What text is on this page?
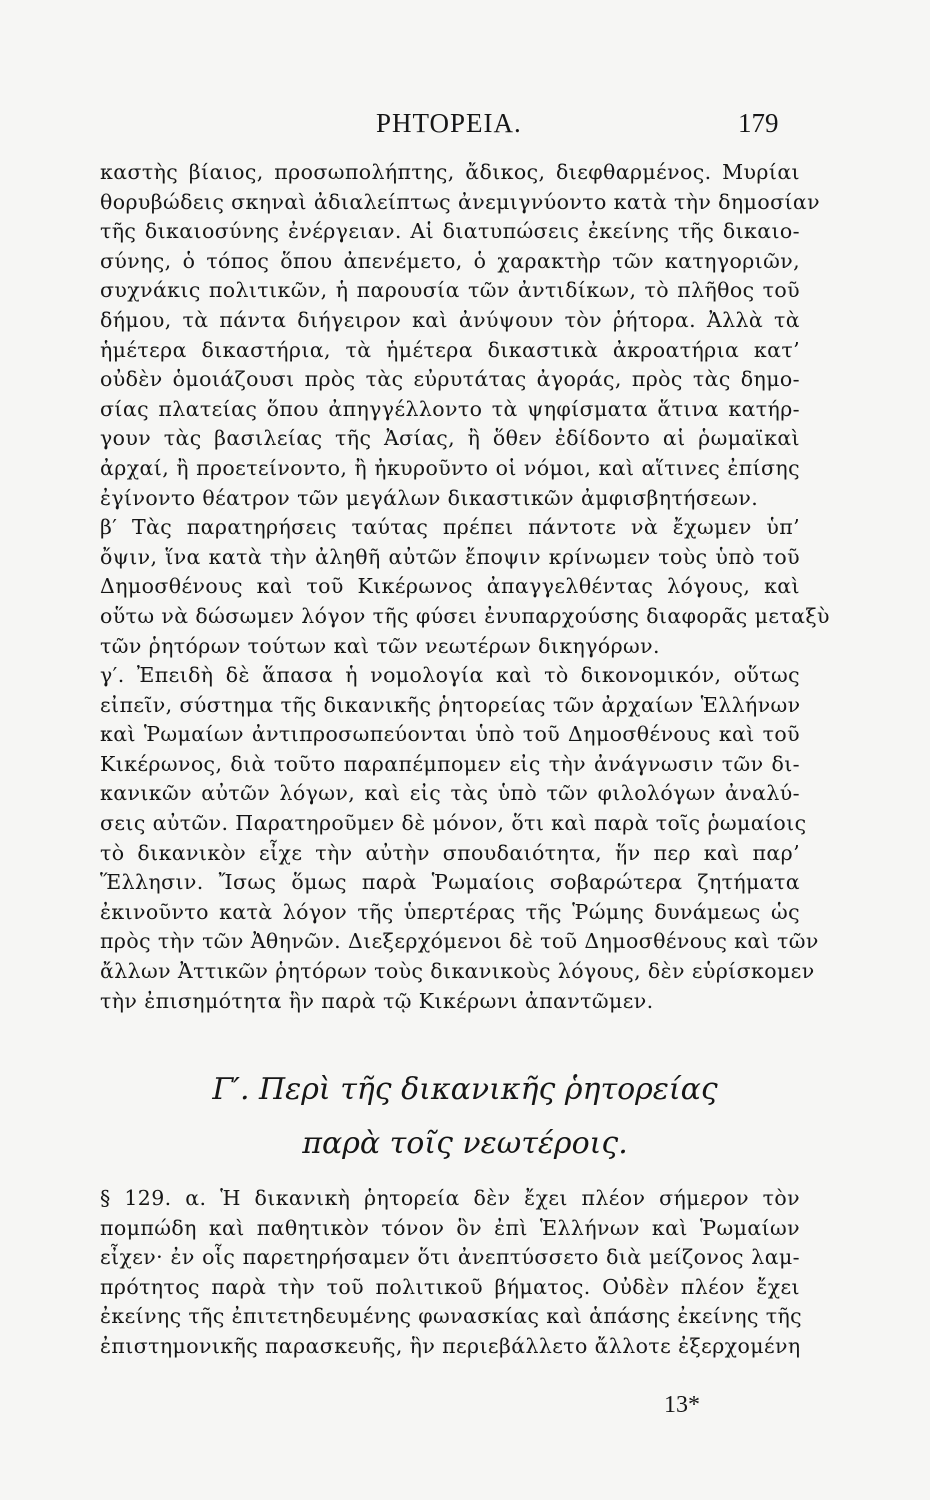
ΡΗΤΟΡΕΙΑ.	179
καστὴς βίαιος, προσωπολήπτης, ἄδικος, διεφθαρμένος. Μυρίαι
θορυβώδεις σκηναὶ ἀδιαλείπτως ἀνεμιγνύοντο κατὰ τὴν δημοσίαν
τῆς δικαιοσύνης ἐνέργειαν. Αἱ διατυπώσεις ἐκείνης τῆς δικαιο-
σύνης, ὁ τόπος ὅπου ἀπενέμετο, ὁ χαρακτὴρ τῶν κατηγοριῶν,
συχνάκις πολιτικῶν, ἡ παρουσία τῶν ἀντιδίκων, τὸ πλῆθος τοῦ
δήμου, τὰ πάντα διήγειρον καὶ ἀνύψουν τὸν ῥήτορα. Ἀλλὰ τὰ
ἡμέτερα δικαστήρια, τὰ ἡμέτερα δικαστικὰ ἀκροατήρια κατ’
οὐδὲν ὁμοιάζουσι πρὸς τὰς εὐρυτάτας ἀγοράς, πρὸς τὰς δημο-
σίας πλατείας ὅπου ἀπηγγέλλοντο τὰ ψηφίσματα ἅτινα κατήρ-
γουν τὰς βασιλείας τῆς Ἀσίας, ἢ ὅθεν ἐδίδοντο αἱ ῥωμαϊκαὶ
ἀρχαί, ἢ προετείνοντο, ἢ ἠκυροῦντο οἱ νόμοι, καὶ αἵτινες ἐπίσης
ἐγίνοντο θέατρον τῶν μεγάλων δικαστικῶν ἀμφισβητήσεων.
β′ Τὰς παρατηρήσεις ταύτας πρέπει πάντοτε νὰ ἔχωμεν ὑπ’
ὄψιν, ἵνα κατὰ τὴν ἀληθῆ αὐτῶν ἔποψιν κρίνωμεν τοὺς ὑπὸ τοῦ
Δημοσθένους καὶ τοῦ Κικέρωνος ἀπαγγελθέντας λόγους, καὶ
οὕτω νὰ δώσωμεν λόγον τῆς φύσει ἐνυπαρχούσης διαφορᾶς μεταξὺ
τῶν ῥητόρων τούτων καὶ τῶν νεωτέρων δικηγόρων.
γ′. Ἐπειδὴ δὲ ἅπασα ἡ νομολογία καὶ τὸ δικονομικόν, οὕτως
εἰπεῖν, σύστημα τῆς δικανικῆς ῥητορείας τῶν ἀρχαίων Ἑλλήνων
καὶ Ῥωμαίων ἀντιπροσωπεύονται ὑπὸ τοῦ Δημοσθένους καὶ τοῦ
Κικέρωνος, διὰ τοῦτο παραπέμπομεν εἰς τὴν ἀνάγνωσιν τῶν δι-
κανικῶν αὐτῶν λόγων, καὶ εἰς τὰς ὑπὸ τῶν φιλολόγων ἀναλύ-
σεις αὐτῶν. Παρατηροῦμεν δὲ μόνον, ὅτι καὶ παρὰ τοῖς ῥωμαίοις
τὸ δικανικὸν εἶχε τὴν αὐτὴν σπουδαιότητα, ἥν περ καὶ παρ’
Ἕλλησιν. Ἴσως ὅμως παρὰ Ῥωμαίοις σοβαρώτερα ζητήματα
ἐκινοῦντο κατὰ λόγον τῆς ὑπερτέρας τῆς Ῥώμης δυνάμεως ὡς
πρὸς τὴν τῶν Ἀθηνῶν. Διεξερχόμενοι δὲ τοῦ Δημοσθένους καὶ τῶν
ἄλλων Ἀττικῶν ῥητόρων τοὺς δικανικοὺς λόγους, δὲν εὑρίσκομεν
τὴν ἐπισημότητα ἣν παρὰ τῷ Κικέρωνι ἀπαντῶμεν.
Γ′. Περὶ τῆς δικανικῆς ῥητορείας
παρὰ τοῖς νεωτέροις.
§ 129. α. Ἡ δικανικὴ ῥητορεία δὲν ἔχει πλέον σήμερον τὸν
πομπώδη καὶ παθητικὸν τόνον ὃν ἐπὶ Ἑλλήνων καὶ Ῥωμαίων
εἶχεν· ἐν οἷς παρετηρήσαμεν ὅτι ἀνεπτύσσετο διὰ μείζονος λαμ-
πρότητος παρὰ τὴν τοῦ πολιτικοῦ βήματος. Οὐδὲν πλέον ἔχει
ἐκείνης τῆς ἐπιτετηδευμένης φωνασκίας καὶ ἁπάσης ἐκείνης τῆς
ἐπιστημονικῆς παρασκευῆς, ἣν περιεβάλλετο ἄλλοτε ἐξερχομένη
13*
